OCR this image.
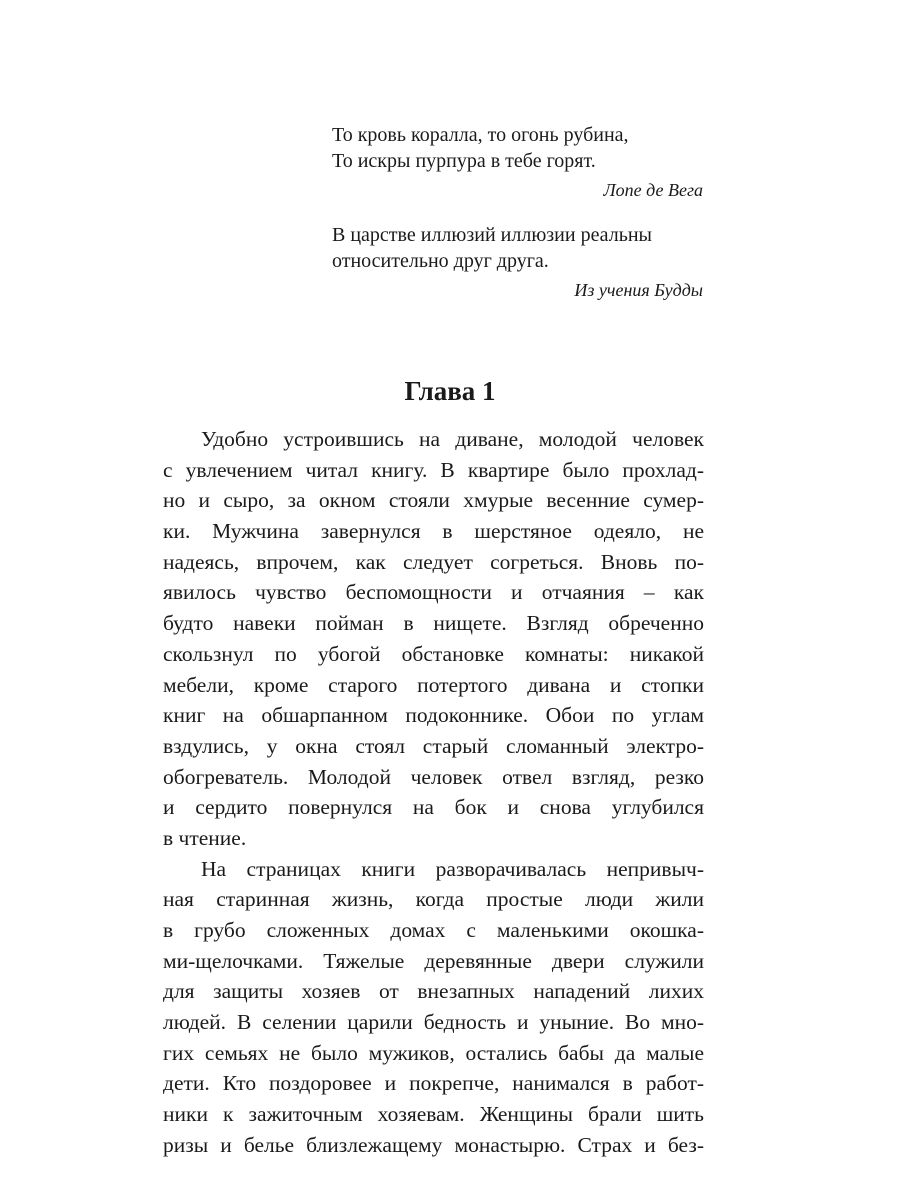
То кровь коралла, то огонь рубина,
То искры пурпура в тебе горят.
Лопе де Вега
В царстве иллюзий иллюзии реальны
относительно друг друга.
Из учения Будды
Глава 1
Удобно устроившись на диване, молодой человек
с увлечением читал книгу. В квартире было прохлад-
но и сыро, за окном стояли хмурые весенние сумер-
ки. Мужчина завернулся в шерстяное одеяло, не
надеясь, впрочем, как следует согреться. Вновь по-
явилось чувство беспомощности и отчаяния – как
будто навеки пойман в нищете. Взгляд обреченно
скользнул по убогой обстановке комнаты: никакой
мебели, кроме старого потертого дивана и стопки
книг на обшарпанном подоконнике. Обои по углам
вздулись, у окна стоял старый сломанный электро-
обогреватель. Молодой человек отвел взгляд, резко
и сердито повернулся на бок и снова углубился
в чтение.
На страницах книги разворачивалась непривыч-
ная старинная жизнь, когда простые люди жили
в грубо сложенных домах с маленькими окошка-
ми-щелочками. Тяжелые деревянные двери служили
для защиты хозяев от внезапных нападений лихих
людей. В селении царили бедность и уныние. Во мно-
гих семьях не было мужиков, остались бабы да малые
дети. Кто поздоровее и покрепче, нанимался в работ-
ники к зажиточным хозяевам. Женщины брали шить
ризы и белье близлежащему монастырю. Страх и без-
